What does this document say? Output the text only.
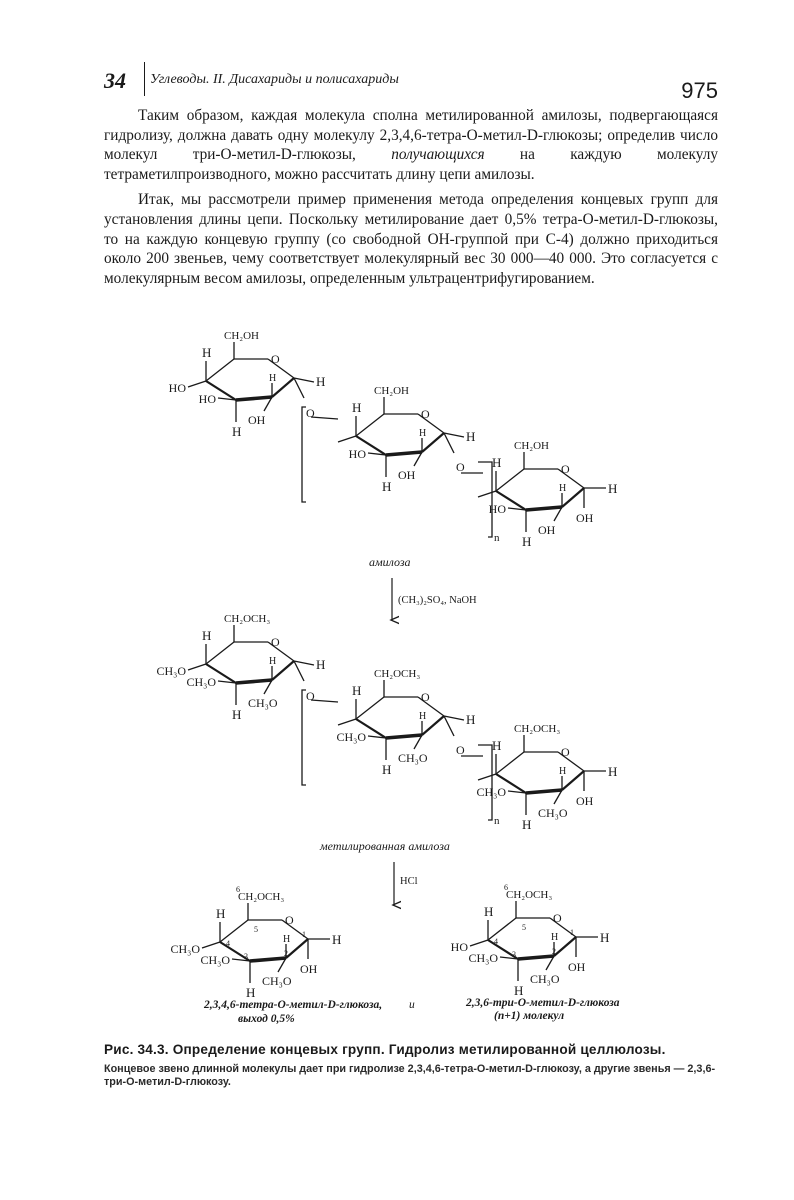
34 Углеводы. II. Дисахариды и полисахариды	975

Таким образом, каждая молекула сполна метилированной амилозы, подвергающаяся гидролизу, должна давать одну молекулу 2,3,4,6-тетра-O-метил-D-глюкозы; определив число молекул три-O-метил-D-глюкозы, получающихся на каждую молекулу тетраметилпроизводного, можно рассчитать длину цепи амилозы.

Итак, мы рассмотрели пример применения метода определения концевых групп для установления длины цепи. Поскольку метилирование дает 0,5% тетра-O-метил-D-глюкозы, то на каждую концевую группу (со свободной OH-группой при C-4) должно приходиться около 200 звеньев, чему соответствует молекулярный вес 30 000—40 000. Это согласуется с молекулярным весом амилозы, определенным ультрацентрифугированием.

O
CH₂OH
H
HO
HO
H
H
OH
H
O	O
CH₂OH
H
HO
H
H
OH
H
n
O	O
CH₂OH
H
HO
H
H
OH
H
OH
O
CH₂OCH₃
H
CH₃O
CH₃O
H
H
CH₃O
H
O	O
CH₂OCH₃
H
CH₃O
H
H
CH₃O
H
n
O	O
CH₂OCH₃
H
CH₃O
H
H
CH₃O
H
OH
O
CH₂OCH₃
H
CH₃O
CH₃O
H
H
CH₃O
H
OH
5
4
3	2
1
6
O
CH₂OCH₃
H
HO
CH₃O
H
H
CH₃O
H
OH
5
4
3	2
1
6
амилоза
(CH₃)₂SO₄, NaOH
метилированная амилоза
HCl
2,3,4,6-тетра-O-метил-D-глюкоза,
выход 0,5%
и	2,3,6-три-O-метил-D-глюкоза
(n+1) молекул
Рис. 34.3. Определение концевых групп. Гидролиз метилированной целлюлозы.
Концевое звено длинной молекулы дает при гидролизе 2,3,4,6-тетра-O-метил-D-глюкозу, а другие звенья — 2,3,6-три-O-метил-D-глюкозу.
